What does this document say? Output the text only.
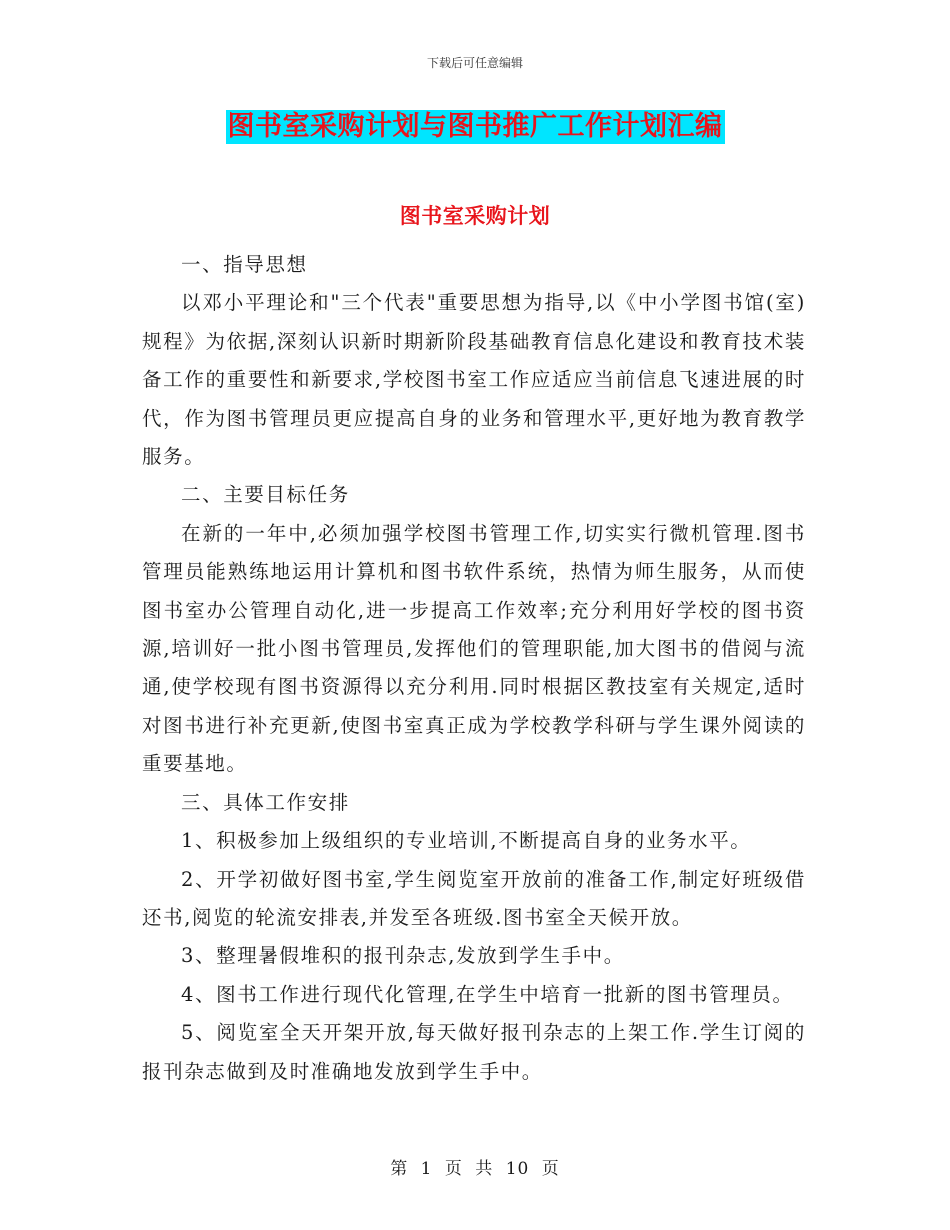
下载后可任意编辑
图书室采购计划与图书推广工作计划汇编
图书室采购计划

一、指导思想

以邓小平理论和"三个代表"重要思想为指导,以《中小学图书馆(室)规程》为依据,深刻认识新时期新阶段基础教育信息化建设和教育技术装备工作的重要性和新要求,学校图书室工作应适应当前信息飞速进展的时代，作为图书管理员更应提高自身的业务和管理水平,更好地为教育教学服务。

二、主要目标任务

在新的一年中,必须加强学校图书管理工作,切实实行微机管理.图书管理员能熟练地运用计算机和图书软件系统，热情为师生服务，从而使图书室办公管理自动化,进一步提高工作效率;充分利用好学校的图书资源,培训好一批小图书管理员,发挥他们的管理职能,加大图书的借阅与流通,使学校现有图书资源得以充分利用.同时根据区教技室有关规定,适时对图书进行补充更新,使图书室真正成为学校教学科研与学生课外阅读的重要基地。

三、具体工作安排

1、积极参加上级组织的专业培训,不断提高自身的业务水平。

2、开学初做好图书室,学生阅览室开放前的准备工作,制定好班级借还书,阅览的轮流安排表,并发至各班级.图书室全天候开放。

3、整理暑假堆积的报刊杂志,发放到学生手中。

4、图书工作进行现代化管理,在学生中培育一批新的图书管理员。

5、阅览室全天开架开放,每天做好报刊杂志的上架工作.学生订阅的报刊杂志做到及时准确地发放到学生手中。

第 1 页 共 10 页
